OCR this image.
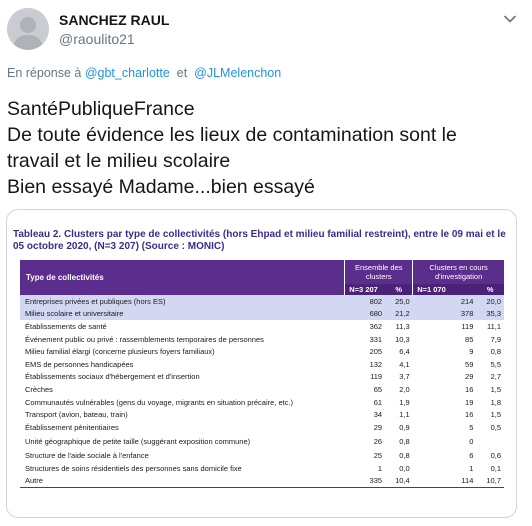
SANCHEZ RAUL
@raoulito21
En réponse à @gbt_charlotte et @JLMelenchon
SantéPubliqueFrance
De toute évidence les lieux de contamination sont le
travail et le milieu scolaire
Bien essayé Madame...bien essayé
Tableau 2. Clusters par type de collectivités (hors Ehpad et milieu familial restreint), entre le 09 mai et le 05 octobre 2020, (N=3 207) (Source : MONIC)
Type de collectivités	Ensemble des clusters		Clusters en cours d'investigation	
	N=3 207	%	N=1 070	%
Entreprises privées et publiques (hors ES)	802	25,0	214	20,0
Milieu scolaire et universitaire	680	21,2	378	35,3
Établissements de santé	362	11,3	119	11,1
Événement public ou privé : rassemblements temporaires de personnes	331	10,3	85	7,9
Milieu familial élargi (concerne plusieurs foyers familiaux)	205	6,4	9	0,8
EMS de personnes handicapées	132	4,1	59	5,5
Établissements sociaux d'hébergement et d'insertion	119	3,7	29	2,7
Crèches	65	2,0	16	1,5
Communautés vulnérables (gens du voyage, migrants en situation précaire, etc.)	61	1,9	19	1,8
Transport (avion, bateau, train)	34	1,1	16	1,5
Établissement pénitentiaires	29	0,9	5	0,5
Unité géographique de petite taille (suggérant exposition commune)	26	0,8	0	
Structure de l'aide sociale à l'enfance	25	0,8	6	0,6
Structures de soins résidentiels des personnes sans domicile fixe	1	0,0	1	0,1
Autre	335	10,4	114	10,7
